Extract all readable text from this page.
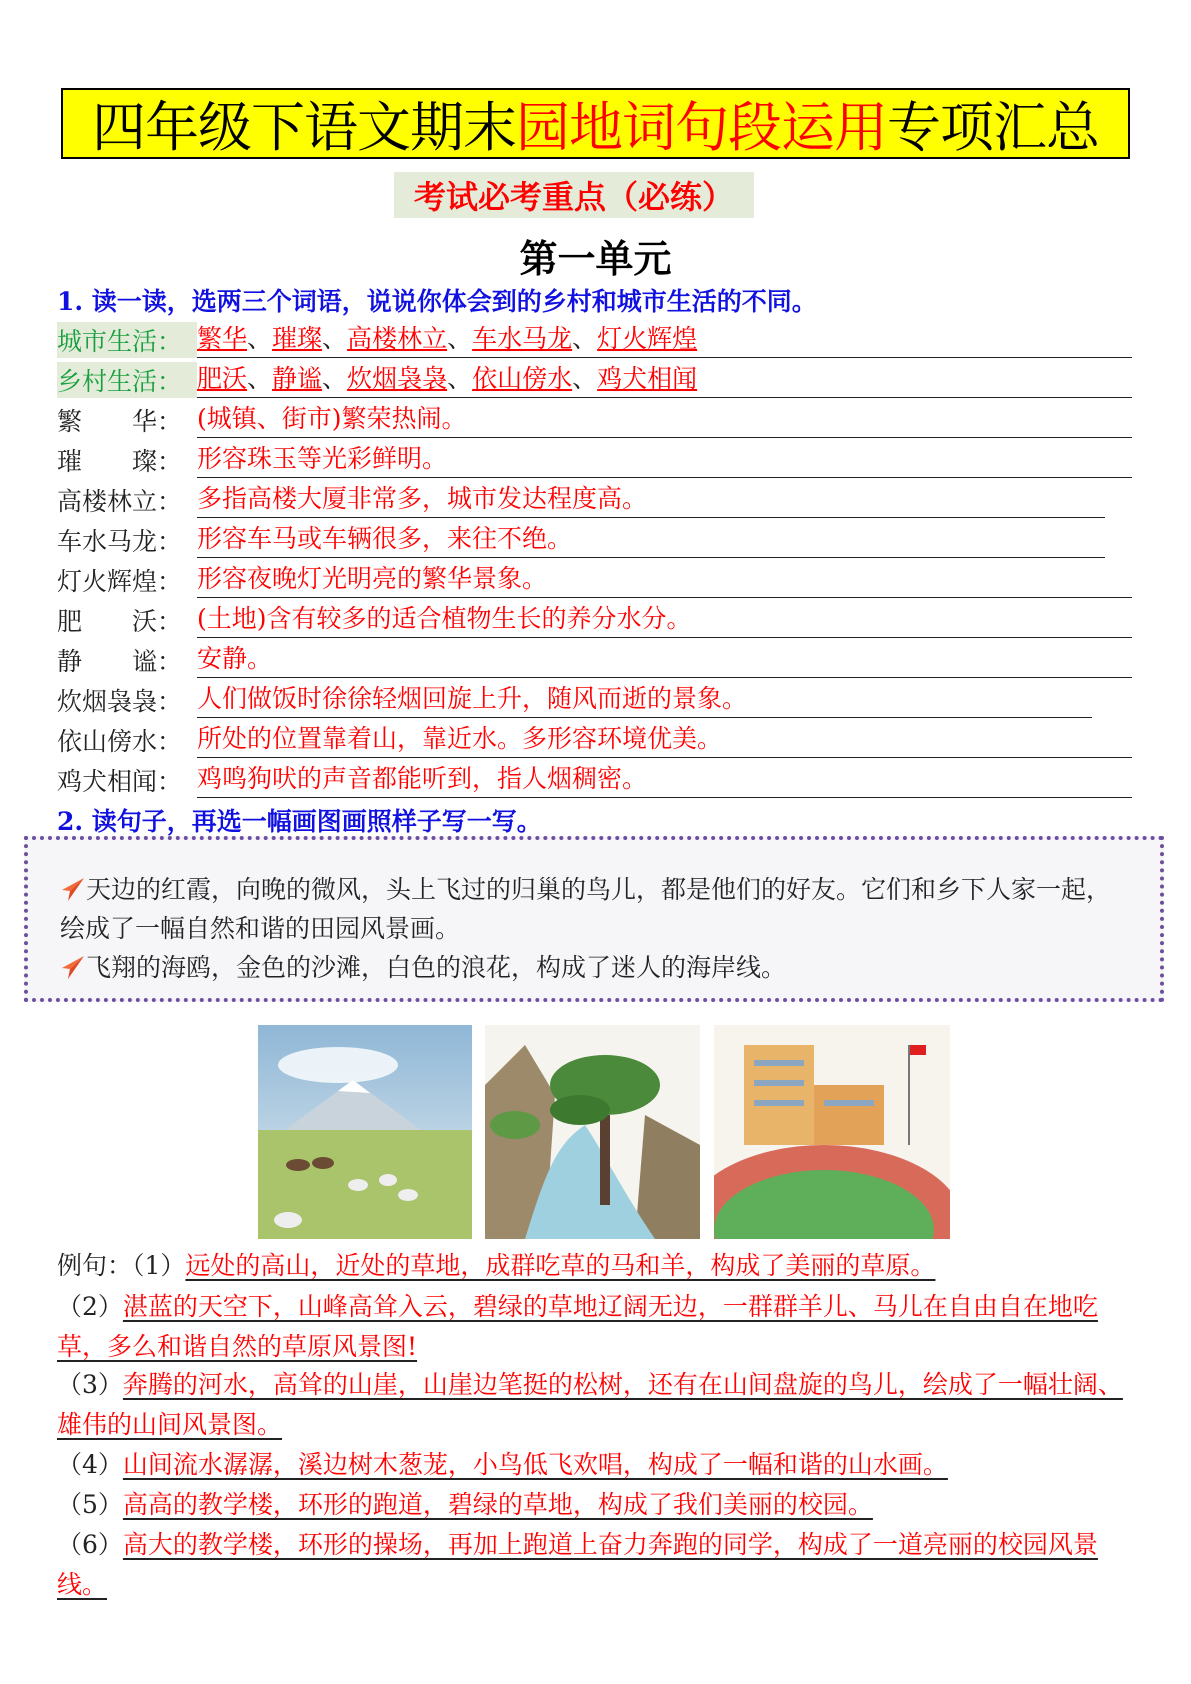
四年级下语文期末 园地词句段运用 专项汇总
考试必考重点（必练）
第一单元
1. 读一读，选两三个词语，说说你体会到的乡村和城市生活的不同。
城市生活： 繁华、璀璨、高楼林立、车水马龙、灯火辉煌
乡村生活： 肥沃、静谧、炊烟袅袅、依山傍水、鸡犬相闻
繁　　华： (城镇、街市)繁荣热闹。
璀　　璨： 形容珠玉等光彩鲜明。
高楼林立： 多指高楼大厦非常多，城市发达程度高。
车水马龙： 形容车马或车辆很多，来往不绝。
灯火辉煌： 形容夜晚灯光明亮的繁华景象。
肥　　沃： (土地)含有较多的适合植物生长的养分水分。
静　　谧： 安静。
炊烟袅袅： 人们做饭时徐徐轻烟回旋上升，随风而逝的景象。
依山傍水： 所处的位置靠着山，靠近水。多形容环境优美。
鸡犬相闻： 鸡鸣狗吠的声音都能听到，指人烟稠密。
2. 读句子，再选一幅画图画照样子写一写。
天边的红霞，向晚的微风，头上飞过的归巢的鸟儿，都是他们的好友。它们和乡下人家一起，绘成了一幅自然和谐的田园风景画。
飞翔的海鸥，金色的沙滩，白色的浪花，构成了迷人的海岸线。
例句：（1）远处的高山，近处的草地，成群吃草的马和羊，构成了美丽的草原。
（2）湛蓝的天空下，山峰高耸入云，碧绿的草地辽阔无边，一群群羊儿、马儿在自由自在地吃草，多么和谐自然的草原风景图!
（3）奔腾的河水，高耸的山崖，山崖边笔挺的松树，还有在山间盘旋的鸟儿，绘成了一幅壮阔、雄伟的山间风景图。
（4）山间流水潺潺，溪边树木葱茏，小鸟低飞欢唱，构成了一幅和谐的山水画。
（5）高高的教学楼，环形的跑道，碧绿的草地，构成了我们美丽的校园。
（6）高大的教学楼，环形的操场，再加上跑道上奋力奔跑的同学，构成了一道亮丽的校园风景线。
